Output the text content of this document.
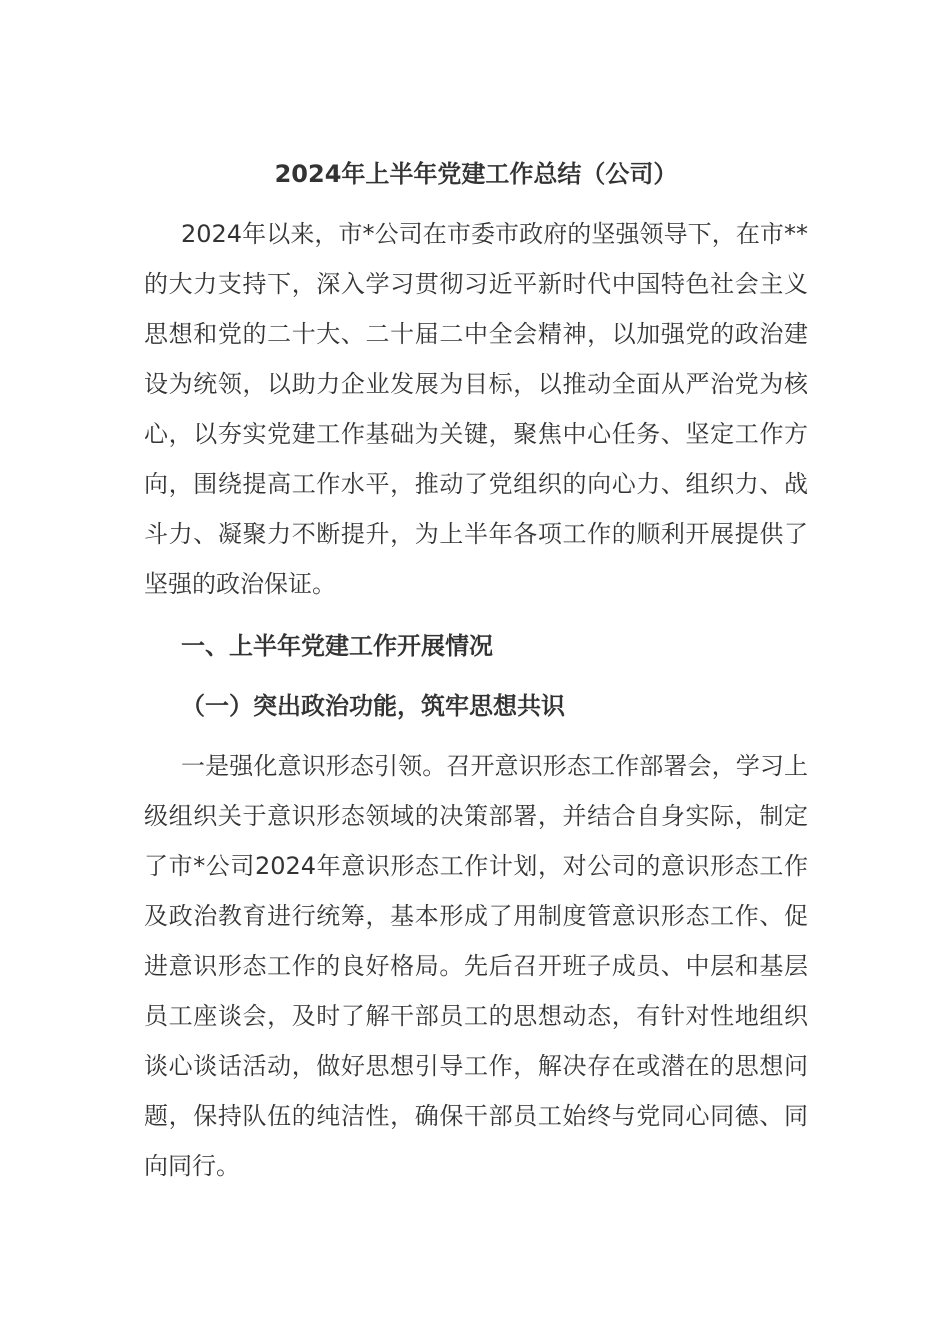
2024年上半年党建工作总结（公司）

2024年以来，市*公司在市委市政府的坚强领导下，在市**的大力支持下，深入学习贯彻习近平新时代中国特色社会主义思想和党的二十大、二十届二中全会精神，以加强党的政治建设为统领，以助力企业发展为目标，以推动全面从严治党为核心，以夯实党建工作基础为关键，聚焦中心任务、坚定工作方向，围绕提高工作水平，推动了党组织的向心力、组织力、战斗力、凝聚力不断提升，为上半年各项工作的顺利开展提供了坚强的政治保证。

一、上半年党建工作开展情况

（一）突出政治功能，筑牢思想共识

一是强化意识形态引领。召开意识形态工作部署会，学习上级组织关于意识形态领域的决策部署，并结合自身实际，制定了市*公司2024年意识形态工作计划，对公司的意识形态工作及政治教育进行统筹，基本形成了用制度管意识形态工作、促进意识形态工作的良好格局。先后召开班子成员、中层和基层员工座谈会，及时了解干部员工的思想动态，有针对性地组织谈心谈话活动，做好思想引导工作，解决存在或潜在的思想问题，保持队伍的纯洁性，确保干部员工始终与党同心同德、同向同行。
